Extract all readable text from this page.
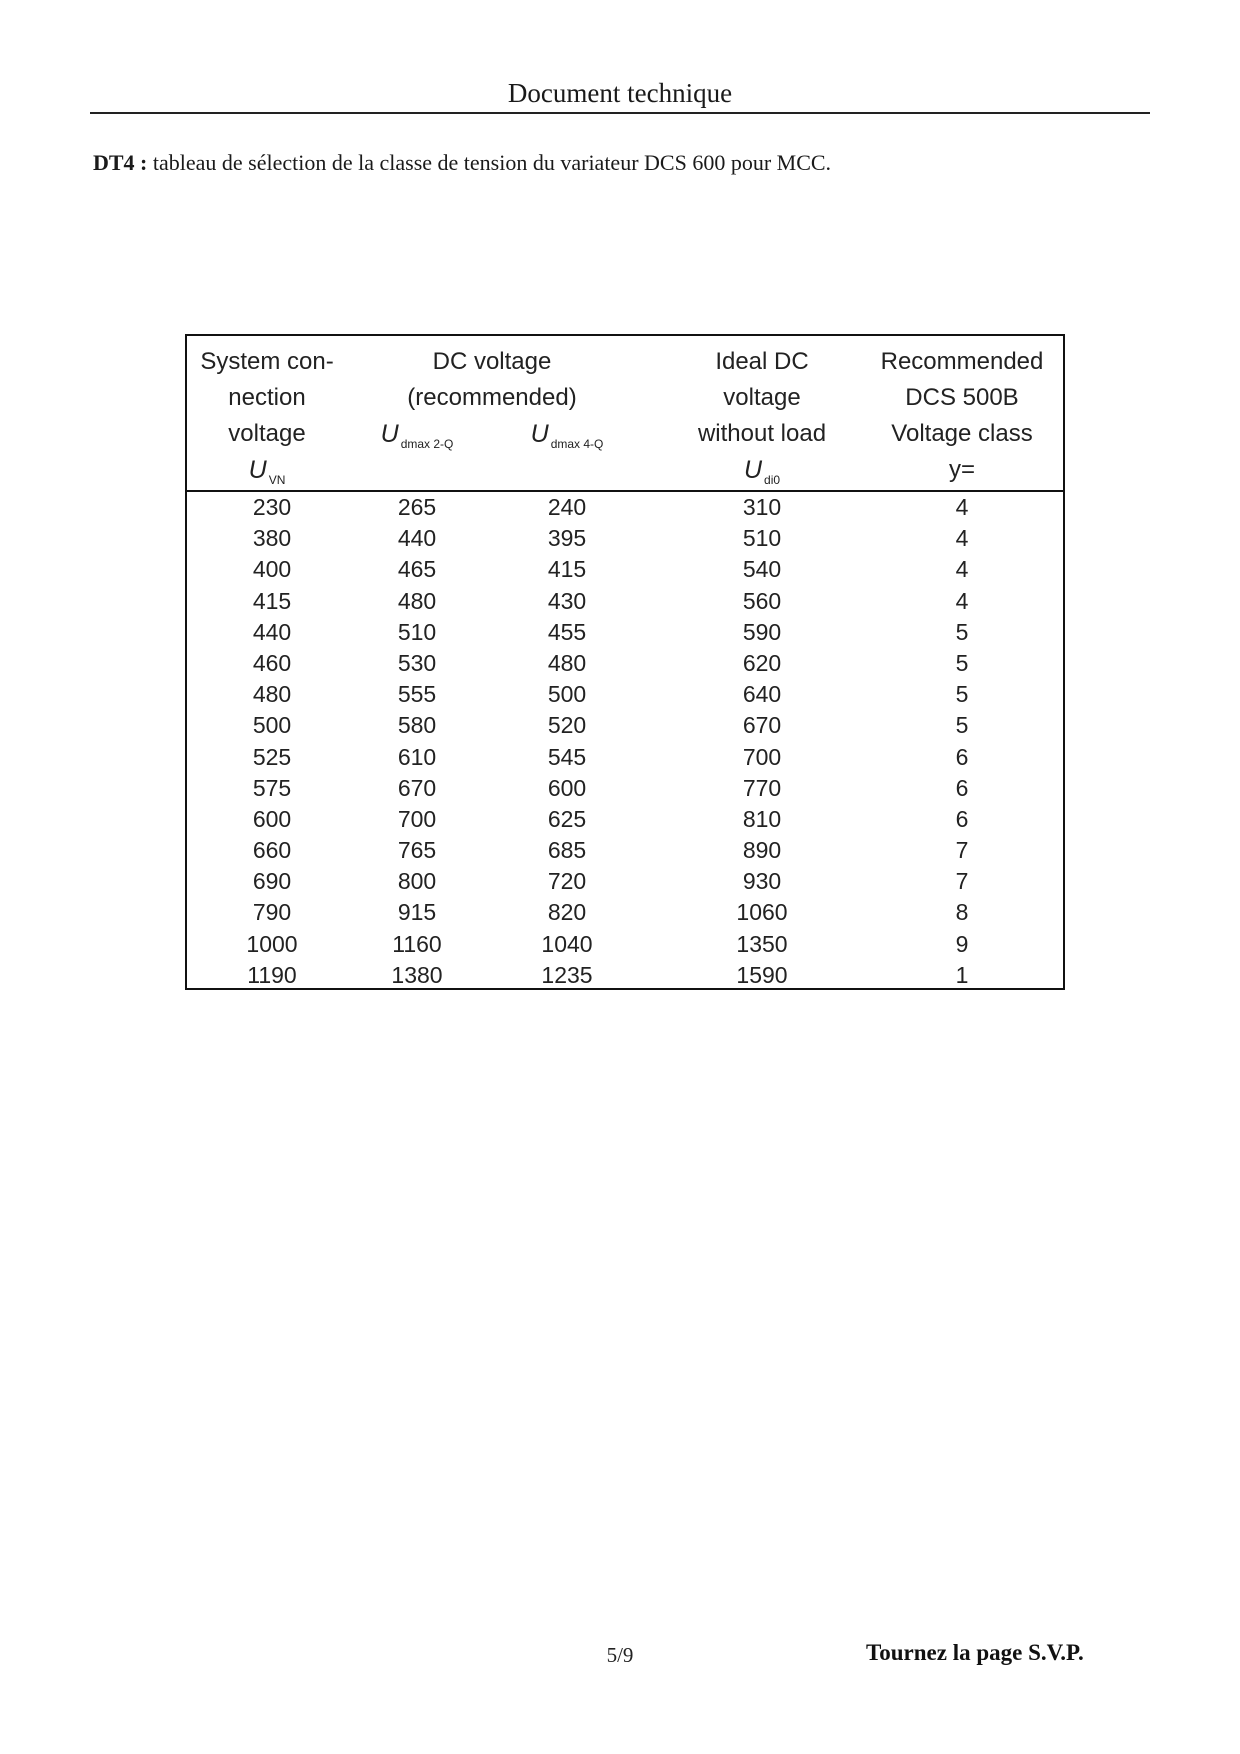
Document technique
DT4 : tableau de sélection de la classe de tension du variateur DCS 600 pour MCC.
System con-
nection voltage
U $_{VN}$
DC voltage
(recommended)
U $_{dmax 2-Q}$	U $_{dmax 4-Q}$
Ideal DC
voltage
without load
U $_{di0}$
Recommended
DCS 500B
Voltage class
y=
230	265	240	310	4
380	440	395	510	4
400	465	415	540	4
415	480	430	560	4
440	510	455	590	5
460	530	480	620	5
480	555	500	640	5
500	580	520	670	5
525	610	545	700	6
575	670	600	770	6
600	700	625	810	6
660	765	685	890	7
690	800	720	930	7
790	915	820	1060	8
1000	1160	1040	1350	9
1190	1380	1235	1590	1
5/9	Tournez la page S.V.P.
